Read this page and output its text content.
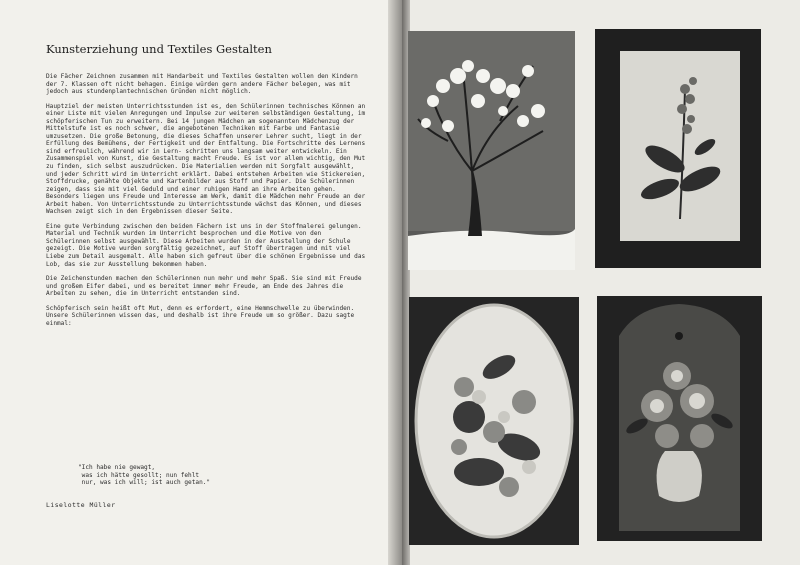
Kunsterziehung und Textiles Gestalten

Die Fächer Zeichnen zusammen mit Handarbeit und Textiles Gestalten wollen den Kindern der 7. Klassen oft nicht behagen. Einige würden gern andere Fächer belegen, was mit jedoch aus stundenplantechnischen Gründen nicht möglich.

Hauptziel der meisten Unterrichtsstunden ist es, den Schülerinnen technisches Können an einer Liste mit vielen Anregungen und Impulse zur weiteren selbständigen Gestaltung, im schöpferischen Tun zu erweitern. Bei 14 jungen Mädchen am sogenannten Mädchenzug der Mittelstufe ist es noch schwer, die angebotenen Techniken mit Farbe und Fantasie umzusetzen. Die große Betonung, die dieses Schaffen unserer Lehrer sucht, liegt in der Erfüllung des Bemühens, der Fertigkeit und der Entfaltung. Die Fortschritte des Lernens sind erfreulich, während wir in Lern- schritten uns langsam weiter entwickeln. Ein Zusammenspiel von Kunst, die Gestaltung macht Freude. Es ist vor allem wichtig, den Mut zu finden, sich selbst auszudrücken. Die Materialien werden mit Sorgfalt ausgewählt, und jeder Schritt wird im Unterricht erklärt. Dabei entstehen Arbeiten wie Stickereien, Stoffdrucke, genähte Objekte und Kartenbilder aus Stoff und Papier. Die Schülerinnen zeigen, dass sie mit viel Geduld und einer ruhigen Hand an ihre Arbeiten gehen. Besonders liegen uns Freude und Interesse am Werk, damit die Mädchen mehr Freude an der Arbeit haben. Von Unterrichtsstunde zu Unterrichtsstunde wächst das Können, und dieses Wachsen zeigt sich in den Ergebnissen dieser Seite.

Eine gute Verbindung zwischen den beiden Fächern ist uns in der Stoffmalerei gelungen. Material und Technik wurden im Unterricht besprochen und die Motive von den Schülerinnen selbst ausgewählt. Diese Arbeiten wurden in der Ausstellung der Schule gezeigt. Die Motive wurden sorgfältig gezeichnet, auf Stoff übertragen und mit viel Liebe zum Detail ausgemalt. Alle haben sich gefreut über die schönen Ergebnisse und das Lob, das sie zur Ausstellung bekommen haben.

Die Zeichenstunden machen den Schülerinnen nun mehr und mehr Spaß. Sie sind mit Freude und großem Eifer dabei, und es bereitet immer mehr Freude, am Ende des Jahres die Arbeiten zu sehen, die im Unterricht entstanden sind.

Schöpferisch sein heißt oft Mut, denn es erfordert, eine Hemmschwelle zu überwinden. Unsere Schülerinnen wissen das, und deshalb ist ihre Freude um so größer. Dazu sagte einmal:

"Ich habe nie gewagt,
was ich hätte gesollt; nun fehlt
nur, was ich will; ist auch getan."
Liselotte Müller
